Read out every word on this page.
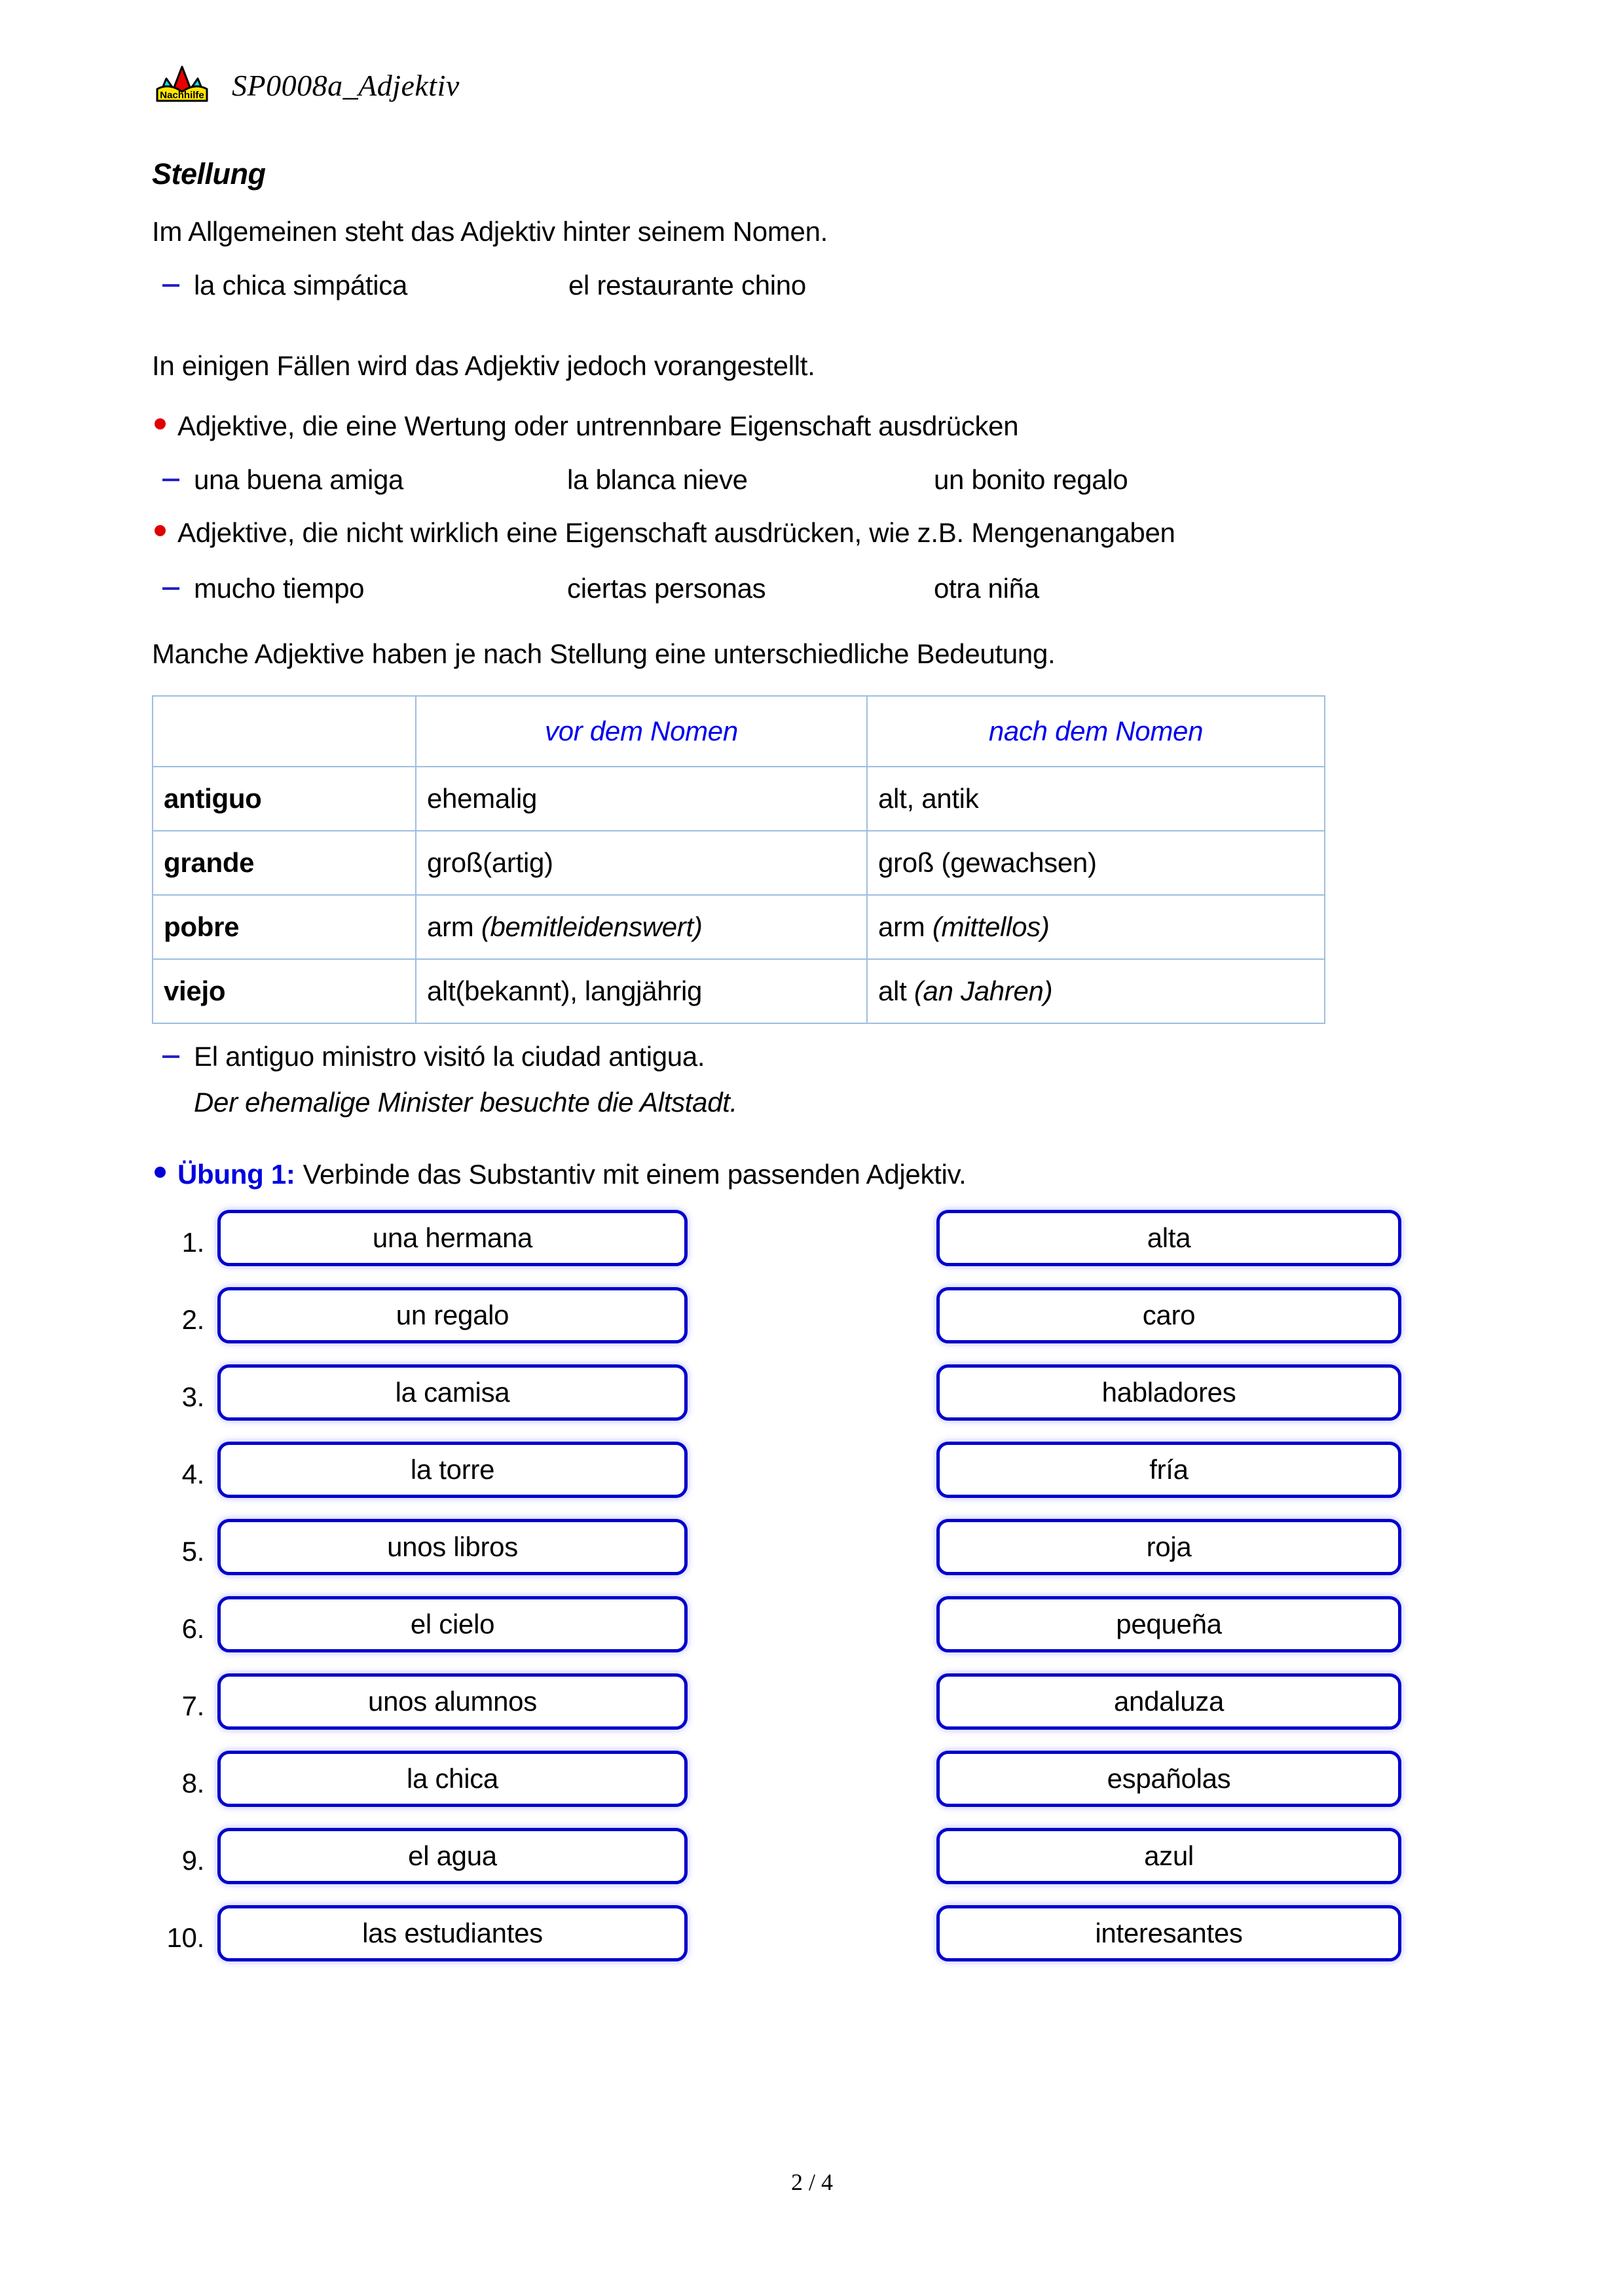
Nachhilfe SP0008a_Adjektiv
Stellung
Im Allgemeinen steht das Adjektiv hinter seinem Nomen.
la chica simpática	el restaurante chino
In einigen Fällen wird das Adjektiv jedoch vorangestellt.
Adjektive, die eine Wertung oder untrennbare Eigenschaft ausdrücken
una buena amiga	la blanca nieve	un bonito regalo
Adjektive, die nicht wirklich eine Eigenschaft ausdrücken, wie z.B. Mengenangaben
mucho tiempo	ciertas personas	otra niña
Manche Adjektive haben je nach Stellung eine unterschiedliche Bedeutung.
	vor dem Nomen	nach dem Nomen
antiguo	ehemalig	alt, antik
grande	groß(artig)	groß (gewachsen)
pobre	arm (bemitleidenswert)	arm (mittellos)
viejo	alt(bekannt), langjährig	alt (an Jahren)
El antiguo ministro visitó la ciudad antigua.
Der ehemalige Minister besuchte die Altstadt.
Übung 1: Verbinde das Substantiv mit einem passenden Adjektiv.
1.	una hermana	alta
2.	un regalo	caro
3.	la camisa	habladores
4.	la torre	fría
5.	unos libros	roja
6.	el cielo	pequeña
7.	unos alumnos	andaluza
8.	la chica	españolas
9.	el agua	azul
10.	las estudiantes	interesantes
2 / 4
